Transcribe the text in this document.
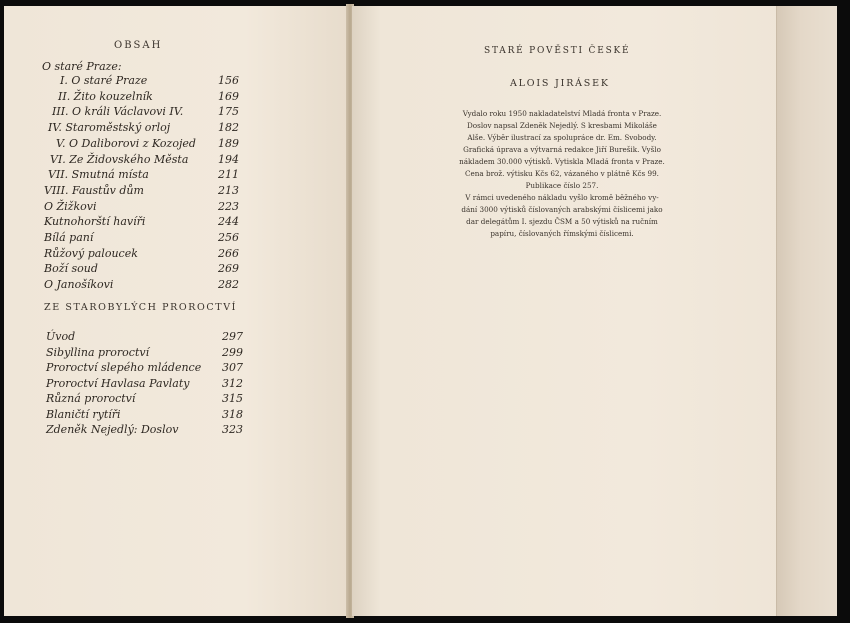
OBSAH
O staré Praze:
ZE STAROBYLÝCH PROROCTVÍ
STARÉ POVĚSTI ČESKÉ
ALOIS JIRÁSEK

Vydalo roku 1950 nakladatelství Mladá fronta v Praze.

Doslov napsal Zdeněk Nejedlý. S kresbami Mikoláše

Alše. Výběr ilustrací za spolupráce dr. Em. Svobody.

Grafická úprava a výtvarná redakce Jiří Burešik. Vyšlo

nákladem 30.000 výtisků. Vytiskla Mladá fronta v Praze.

Cena brož. výtisku Kčs 62, vázaného v plátně Kčs 99.

Publikace číslo 257.

V rámci uvedeného nákladu vyšlo kromě běžného vy-

dání 3000 výtisků číslovaných arabskými číslicemi jako

dar delegátům I. sjezdu ČSM a 50 výtisků na ručním

papíru, číslovaných římskými číslicemi.

I. O staré Praze	156
II. Žito kouzelník	169
III. O králi Václavovi IV.	175
IV. Staroměstský orloj	182
V. O Daliborovi z Kozojed 189
VI. Ze Židovského Města	194
VII. Smutná místa	211
VIII. Faustův dům	213
O Žižkovi	223
Kutnohorští havíři	244
Bílá paní	256
Růžový paloucek	266
Boží soud	269
O Janošíkovi	282
Úvod	297
Sibyllina proroctví	299
Proroctví slepého mládence 307
Proroctví Havlasa Pavlaty	312
Různá proroctví	315
Blaničtí rytíři	318
Zdeněk Nejedlý: Doslov	323
